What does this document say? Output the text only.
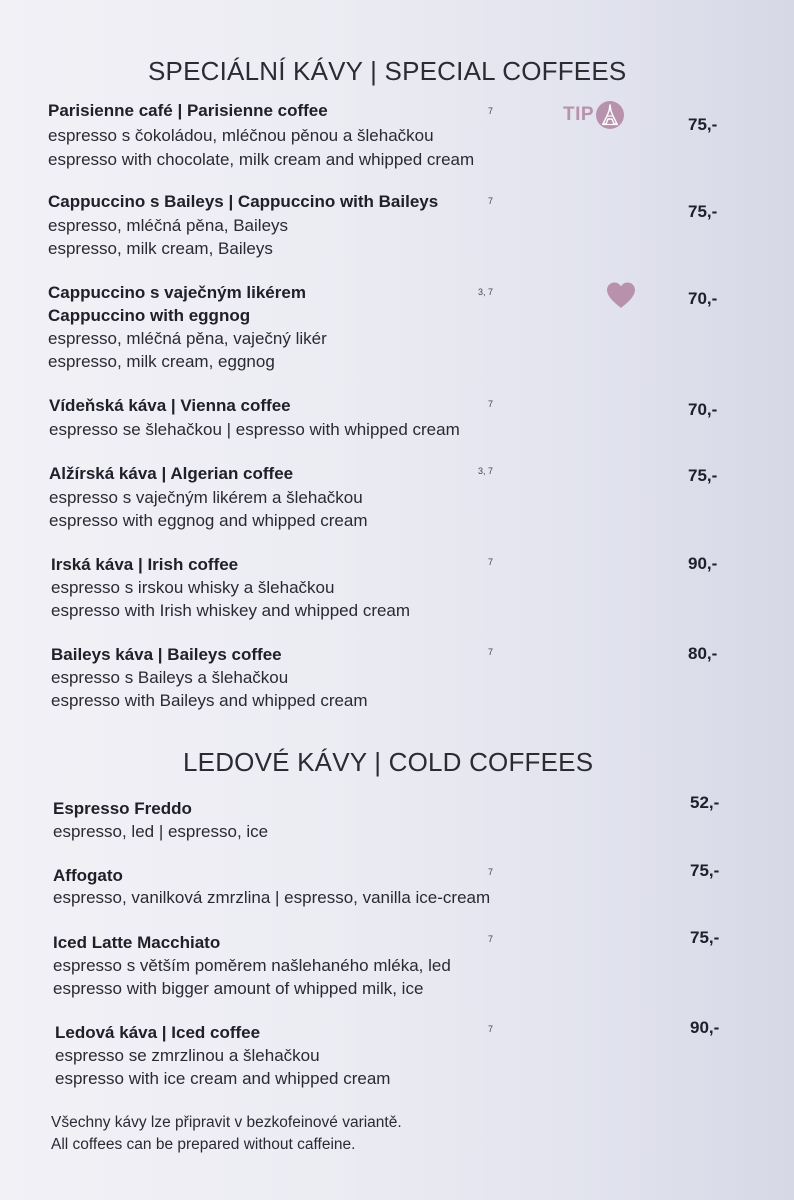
SPECIÁLNÍ KÁVY | SPECIAL COFFEES
Parisienne café | Parisienne coffee	7
75,-
espresso s čokoládou, mléčnou pěnou a šlehačkou
espresso with chocolate, milk cream and whipped cream
TIP
Cappuccino s Baileys | Cappuccino with Baileys	7
75,-
espresso, mléčná pěna, Baileys
espresso, milk cream, Baileys
Cappuccino s vaječným likérem	3, 7	70,-
Cappuccino with eggnog
espresso, mléčná pěna, vaječný likér
espresso, milk cream, eggnog
Vídeňská káva | Vienna coffee	7	70,-
espresso se šlehačkou | espresso with whipped cream
Alžírská káva | Algerian coffee	3, 7	75,-
espresso s vaječným likérem a šlehačkou
espresso with eggnog and whipped cream
Irská káva | Irish coffee	7	90,-
espresso s irskou whisky a šlehačkou
espresso with Irish whiskey and whipped cream
Baileys káva | Baileys coffee	7	80,-
espresso s Baileys a šlehačkou
espresso with Baileys and whipped cream
LEDOVÉ KÁVY | COLD COFFEES
Espresso Freddo	52,-
espresso, led | espresso, ice
Affogato	7	75,-
espresso, vanilková zmrzlina | espresso, vanilla ice-cream
Iced Latte Macchiato	7	75,-
espresso s větším poměrem našlehaného mléka, led
espresso with bigger amount of whipped milk, ice
Ledová káva | Iced coffee	7	90,-
espresso se zmrzlinou a šlehačkou
espresso with ice cream and whipped cream
Všechny kávy lze připravit v bezkofeinové variantě.
All coffees can be prepared without caffeine.
